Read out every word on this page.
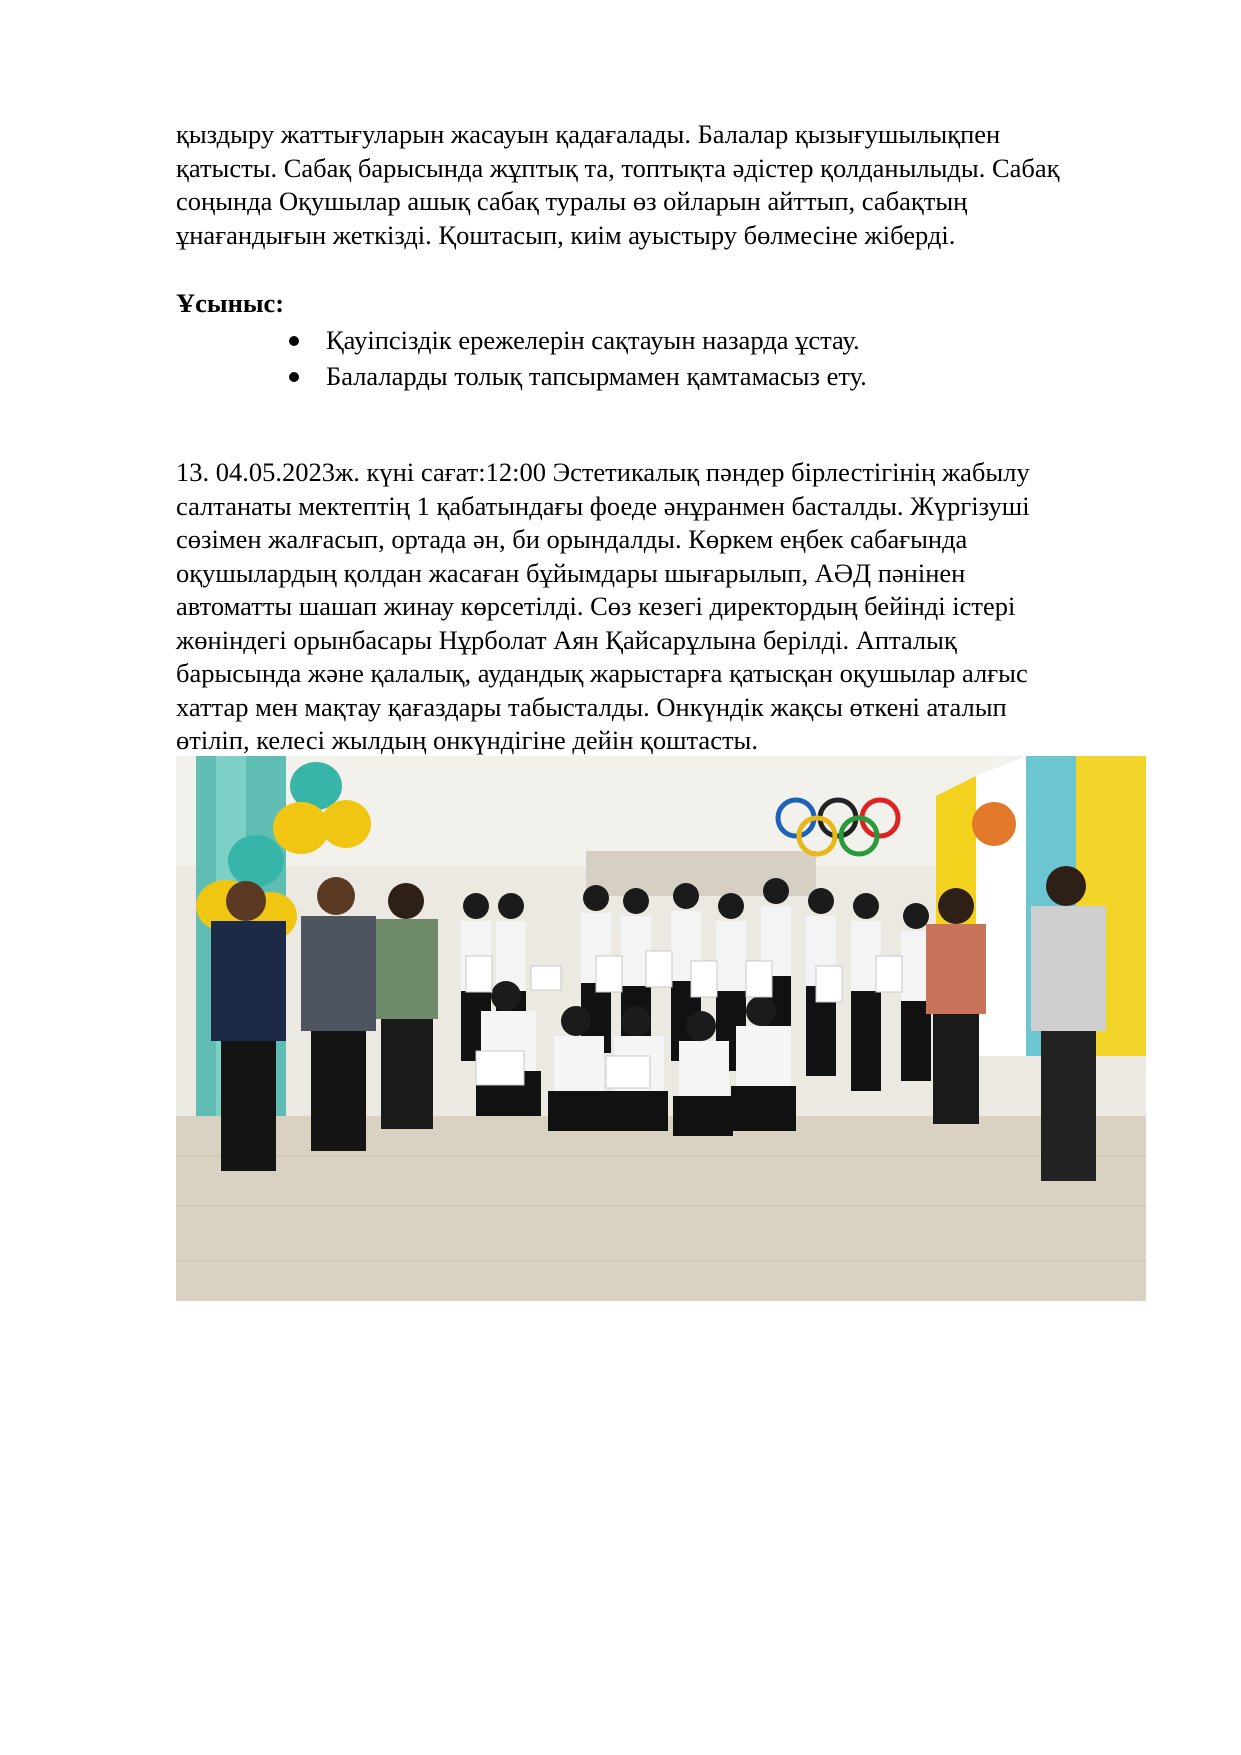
қыздыру жаттығуларын жасауын қадағалады. Балалар қызығушылықпен
қатысты. Сабақ барысында жұптық та, топтықта әдістер қолданылыды. Сабақ
соңында Оқушылар ашық сабақ туралы өз ойларын айттып, сабақтың
ұнағандығын жеткізді. Қоштасып, киім ауыстыру бөлмесіне жіберді.
Ұсыныс:
Қауіпсіздік ережелерін сақтауын назарда ұстау.
Балаларды толық тапсырмамен қамтамасыз ету.
13. 04.05.2023ж. күні сағат:12:00 Эстетикалық пәндер бірлестігінің жабылу
салтанаты мектептің 1 қабатындағы фоеде әнұранмен басталды. Жүргізуші
сөзімен жалғасып, ортада ән, би орындалды. Көркем еңбек сабағында
оқушылардың қолдан жасаған бұйымдары шығарылып, АӘД пәнінен
автоматты шашап жинау көрсетілді. Сөз кезегі директордың бейінді істері
жөніндегі орынбасары Нұрболат Аян Қайсарұлына берілді. Апталық
барысында және қалалық, аудандық жарыстарға қатысқан оқушылар алғыс
хаттар мен мақтау қағаздары табысталды. Онкүндік жақсы өткені аталып
өтіліп, келесі жылдың онкүндігіне дейін қоштасты.
